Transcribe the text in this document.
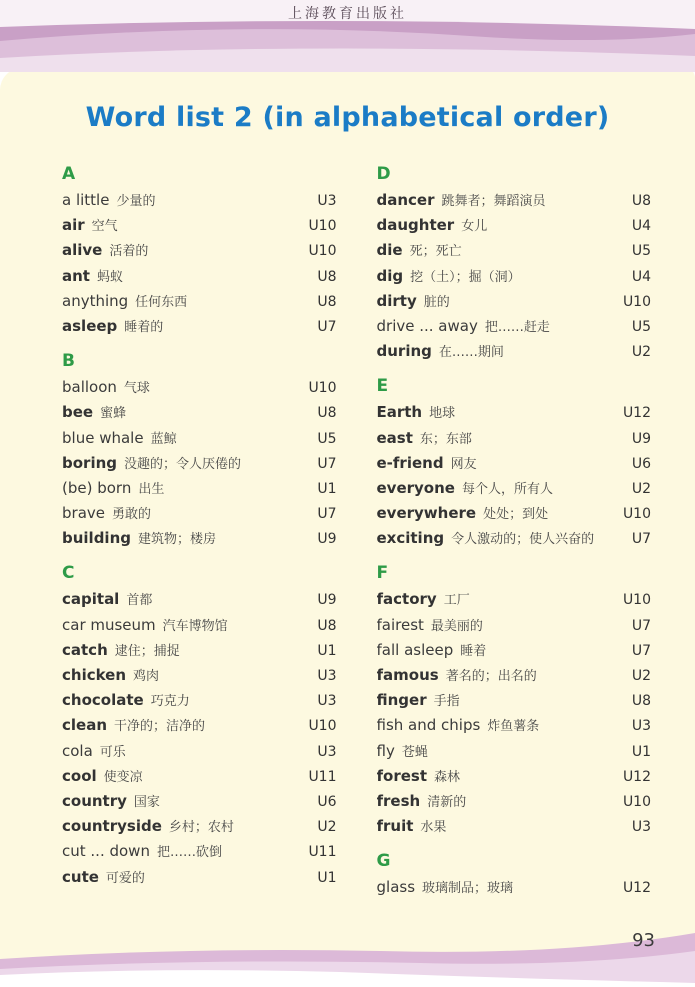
上海教育出版社
Word list 2 (in alphabetical order)
A
a little 少量的	U3
air 空气	U10
alive 活着的	U10
ant 蚂蚁	U8
anything 任何东西	U8
asleep 睡着的	U7
B
balloon 气球	U10
bee 蜜蜂	U8
blue whale 蓝鲸	U5
boring 没趣的；令人厌倦的	U7
(be) born 出生	U1
brave 勇敢的	U7
building 建筑物；楼房	U9
C
capital 首都	U9
car museum 汽车博物馆	U8
catch 逮住；捕捉	U1
chicken 鸡肉	U3
chocolate 巧克力	U3
clean 干净的；洁净的	U10
cola 可乐	U3
cool 使变凉	U11
country 国家	U6
countryside 乡村；农村	U2
cut ... down 把……砍倒	U11
cute 可爱的	U1
D
dancer 跳舞者；舞蹈演员	U8
daughter 女儿	U4
die 死；死亡	U5
dig 挖（土）；掘（洞）	U4
dirty 脏的	U10
drive ... away 把……赶走	U5
during 在……期间	U2
E
Earth 地球	U12
east 东；东部	U9
e-friend 网友	U6
everyone 每个人，所有人	U2
everywhere 处处；到处	U10
exciting 令人激动的；使人兴奋的	U7
F
factory 工厂	U10
fairest 最美丽的	U7
fall asleep 睡着	U7
famous 著名的；出名的	U2
finger 手指	U8
fish and chips 炸鱼薯条	U3
fly 苍蝇	U1
forest 森林	U12
fresh 清新的	U10
fruit 水果	U3
G
glass 玻璃制品；玻璃	U12
93
